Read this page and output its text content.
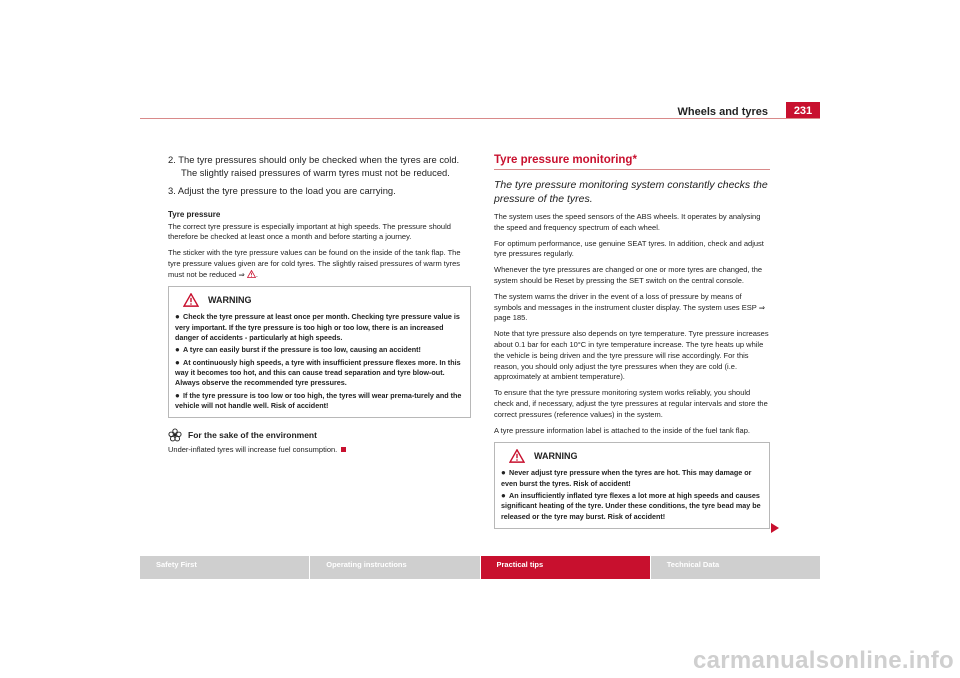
Wheels and tyres	231

2. The tyre pressures should only be checked when the tyres are cold. The slightly raised pressures of warm tyres must not be reduced.

3. Adjust the tyre pressure to the load you are carrying.

Tyre pressure

The correct tyre pressure is especially important at high speeds. The pressure should therefore be checked at least once a month and before starting a journey.

The sticker with the tyre pressure values can be found on the inside of the tank flap. The tyre pressure values given are for cold tyres. The slightly raised pressures of warm tyres must not be reduced ⇒ .

WARNING

● Check the tyre pressure at least once per month. Checking tyre pressure value is very important. If the tyre pressure is too high or too low, there is an increased danger of accidents - particularly at high speeds.

● A tyre can easily burst if the pressure is too low, causing an accident!

● At continuously high speeds, a tyre with insufficient pressure flexes more. In this way it becomes too hot, and this can cause tread separation and tyre blow-out. Always observe the recommended tyre pressures.

● If the tyre pressure is too low or too high, the tyres will wear prema-turely and the vehicle will not handle well. Risk of accident!

For the sake of the environment

Under-inflated tyres will increase fuel consumption.

Tyre pressure monitoring*

The tyre pressure monitoring system constantly checks the pressure of the tyres.

The system uses the speed sensors of the ABS wheels. It operates by analysing the speed and frequency spectrum of each wheel.

For optimum performance, use genuine SEAT tyres. In addition, check and adjust tyre pressures regularly.

Whenever the tyre pressures are changed or one or more tyres are changed, the system should be Reset by pressing the SET switch on the central console.

The system warns the driver in the event of a loss of pressure by means of symbols and messages in the instrument cluster display. The system uses ESP ⇒ page 185.

Note that tyre pressure also depends on tyre temperature. Tyre pressure increases about 0.1 bar for each 10°C in tyre temperature increase. The tyre heats up while the vehicle is being driven and the tyre pressure will rise accordingly. For this reason, you should only adjust the tyre pressures when they are cold (i.e. approximately at ambient temperature).

To ensure that the tyre pressure monitoring system works reliably, you should check and, if necessary, adjust the tyre pressures at regular intervals and store the correct pressures (reference values) in the system.

A tyre pressure information label is attached to the inside of the fuel tank flap.

WARNING

● Never adjust tyre pressure when the tyres are hot. This may damage or even burst the tyres. Risk of accident!

● An insufficiently inflated tyre flexes a lot more at high speeds and causes significant heating of the tyre. Under these conditions, the tyre bead may be released or the tyre may burst. Risk of accident!

Safety First	Operating instructions	Practical tips	Technical Data
carmanualsonline.info
